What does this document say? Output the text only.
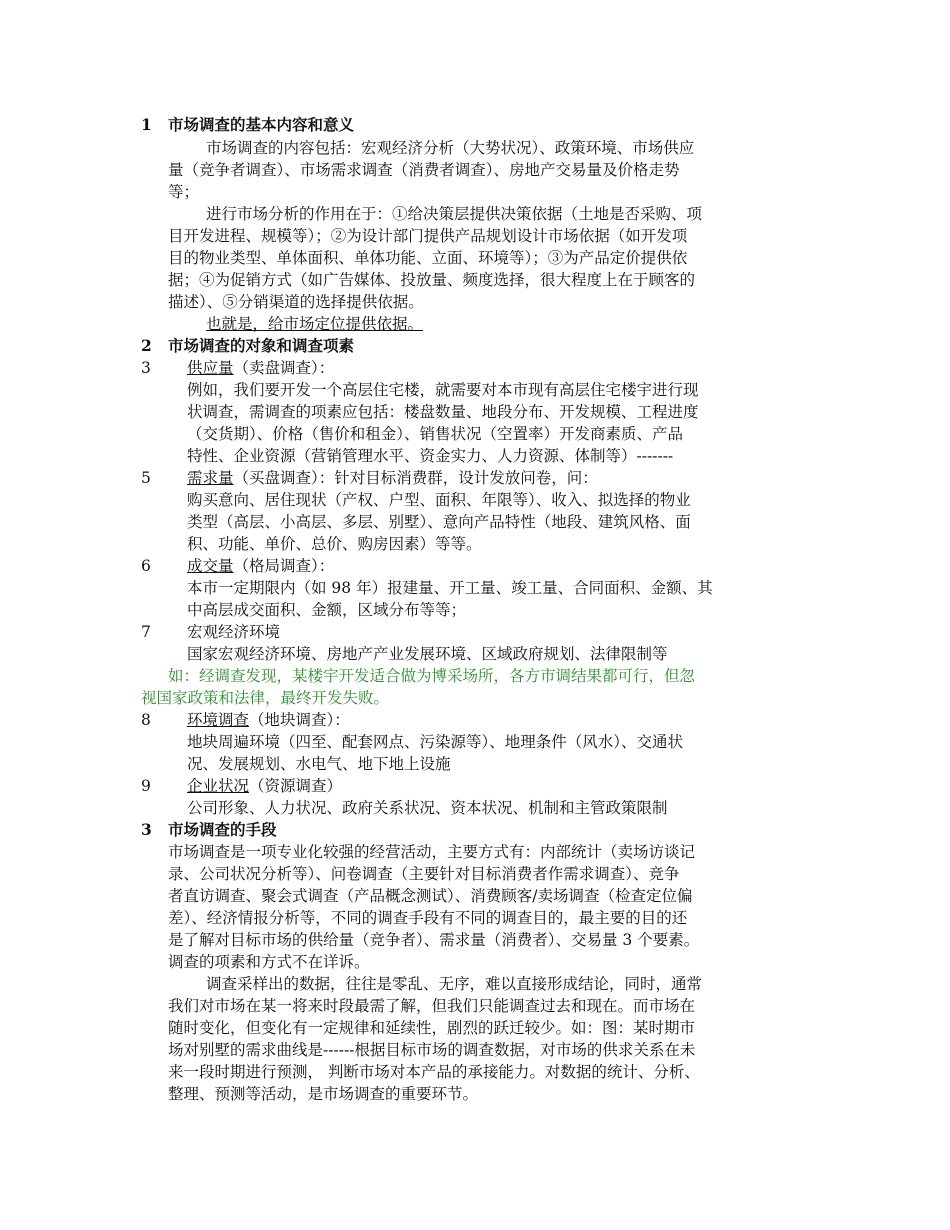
1 市场调查的基本内容和意义
市场调查的内容包括：宏观经济分析（大势状况）、政策环境、市场供应
量（竞争者调查）、市场需求调查（消费者调查）、房地产交易量及价格走势
等；
进行市场分析的作用在于：①给决策层提供决策依据（土地是否采购、项
目开发进程、规模等）；②为设计部门提供产品规划设计市场依据（如开发项
目的物业类型、单体面积、单体功能、立面、环境等）；③为产品定价提供依
据；④为促销方式（如广告媒体、投放量、频度选择，很大程度上在于顾客的
描述）、⑤分销渠道的选择提供依据。
也就是，给市场定位提供依据。
2 市场调查的对象和调查项素
3 供应量（卖盘调查）：
例如，我们要开发一个高层住宅楼，就需要对本市现有高层住宅楼宇进行现
状调查，需调查的项素应包括：楼盘数量、地段分布、开发规模、工程进度
（交货期）、价格（售价和租金）、销售状况（空置率）开发商素质、产品
特性、企业资源（营销管理水平、资金实力、人力资源、体制等）-------
5 需求量（买盘调查）：针对目标消费群，设计发放问卷，问：
购买意向、居住现状（产权、户型、面积、年限等）、收入、拟选择的物业
类型（高层、小高层、多层、别墅）、意向产品特性（地段、建筑风格、面
积、功能、单价、总价、购房因素）等等。
6 成交量（格局调查）：
本市一定期限内（如 98 年）报建量、开工量、竣工量、合同面积、金额、其
中高层成交面积、金额，区域分布等等；
7 宏观经济环境
国家宏观经济环境、房地产产业发展环境、区域政府规划、法律限制等
如：经调查发现，某楼宇开发适合做为博采场所，各方市调结果都可行，但忽
视国家政策和法律，最终开发失败。
8 环境调查（地块调查）：
地块周遍环境（四至、配套网点、污染源等）、地理条件（风水）、交通状
况、发展规划、水电气、地下地上设施
9 企业状况（资源调查）
公司形象、人力状况、政府关系状况、资本状况、机制和主管政策限制
3 市场调查的手段
市场调查是一项专业化较强的经营活动，主要方式有：内部统计（卖场访谈记
录、公司状况分析等）、问卷调查（主要针对目标消费者作需求调查）、竞争
者直访调查、聚会式调查（产品概念测试）、消费顾客/卖场调查（检查定位偏
差）、经济情报分析等，不同的调查手段有不同的调查目的，最主要的目的还
是了解对目标市场的供给量（竞争者）、需求量（消费者）、交易量 3 个要素。
调查的项素和方式不在详诉。
调查采样出的数据，往往是零乱、无序，难以直接形成结论，同时，通常
我们对市场在某一将来时段最需了解，但我们只能调查过去和现在。而市场在
随时变化，但变化有一定规律和延续性，剧烈的跃迁较少。如：图：某时期市
场对别墅的需求曲线是------根据目标市场的调查数据，对市场的供求关系在未
来一段时期进行预测， 判断市场对本产品的承接能力。对数据的统计、分析、
整理、预测等活动，是市场调查的重要环节。
